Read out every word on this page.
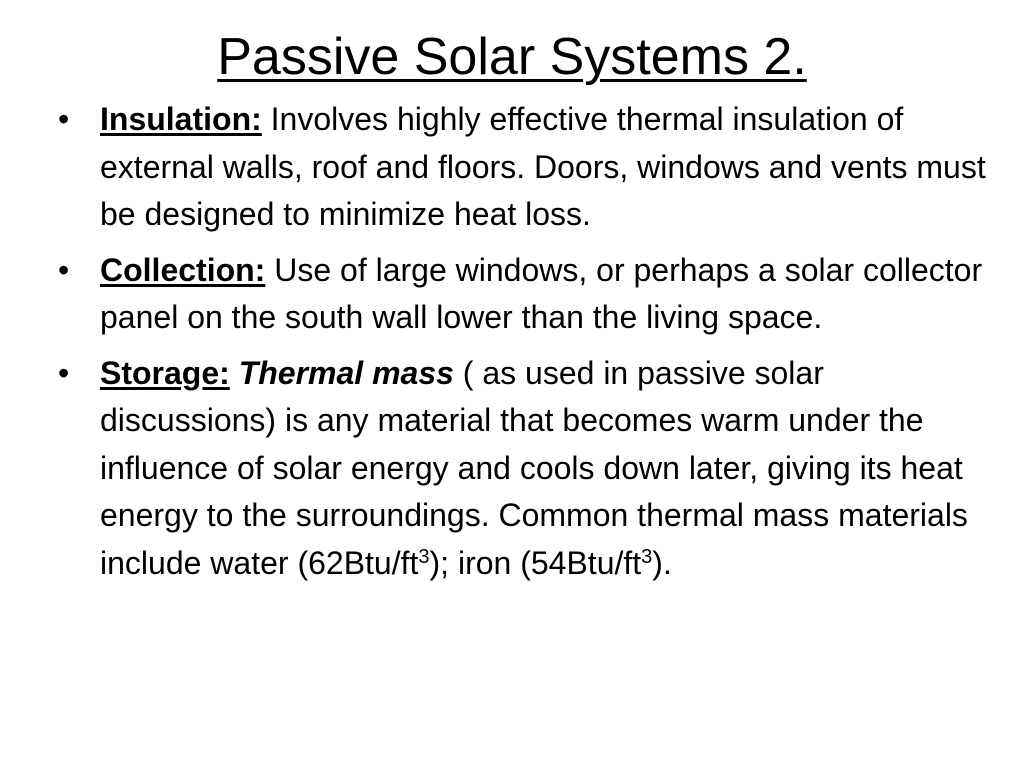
Passive Solar Systems 2.
• Insulation: Involves highly effective thermal insulation of external walls, roof and floors. Doors, windows and vents must be designed to minimize heat loss.
• Collection: Use of large windows, or perhaps a solar collector panel on the south wall lower than the living space.
• Storage: Thermal mass ( as used in passive solar discussions) is any material that becomes warm under the influence of solar energy and cools down later, giving its heat energy to the surroundings. Common thermal mass materials include water $(62Btu/ft^3)$; iron $(54Btu/ft^3)$.
